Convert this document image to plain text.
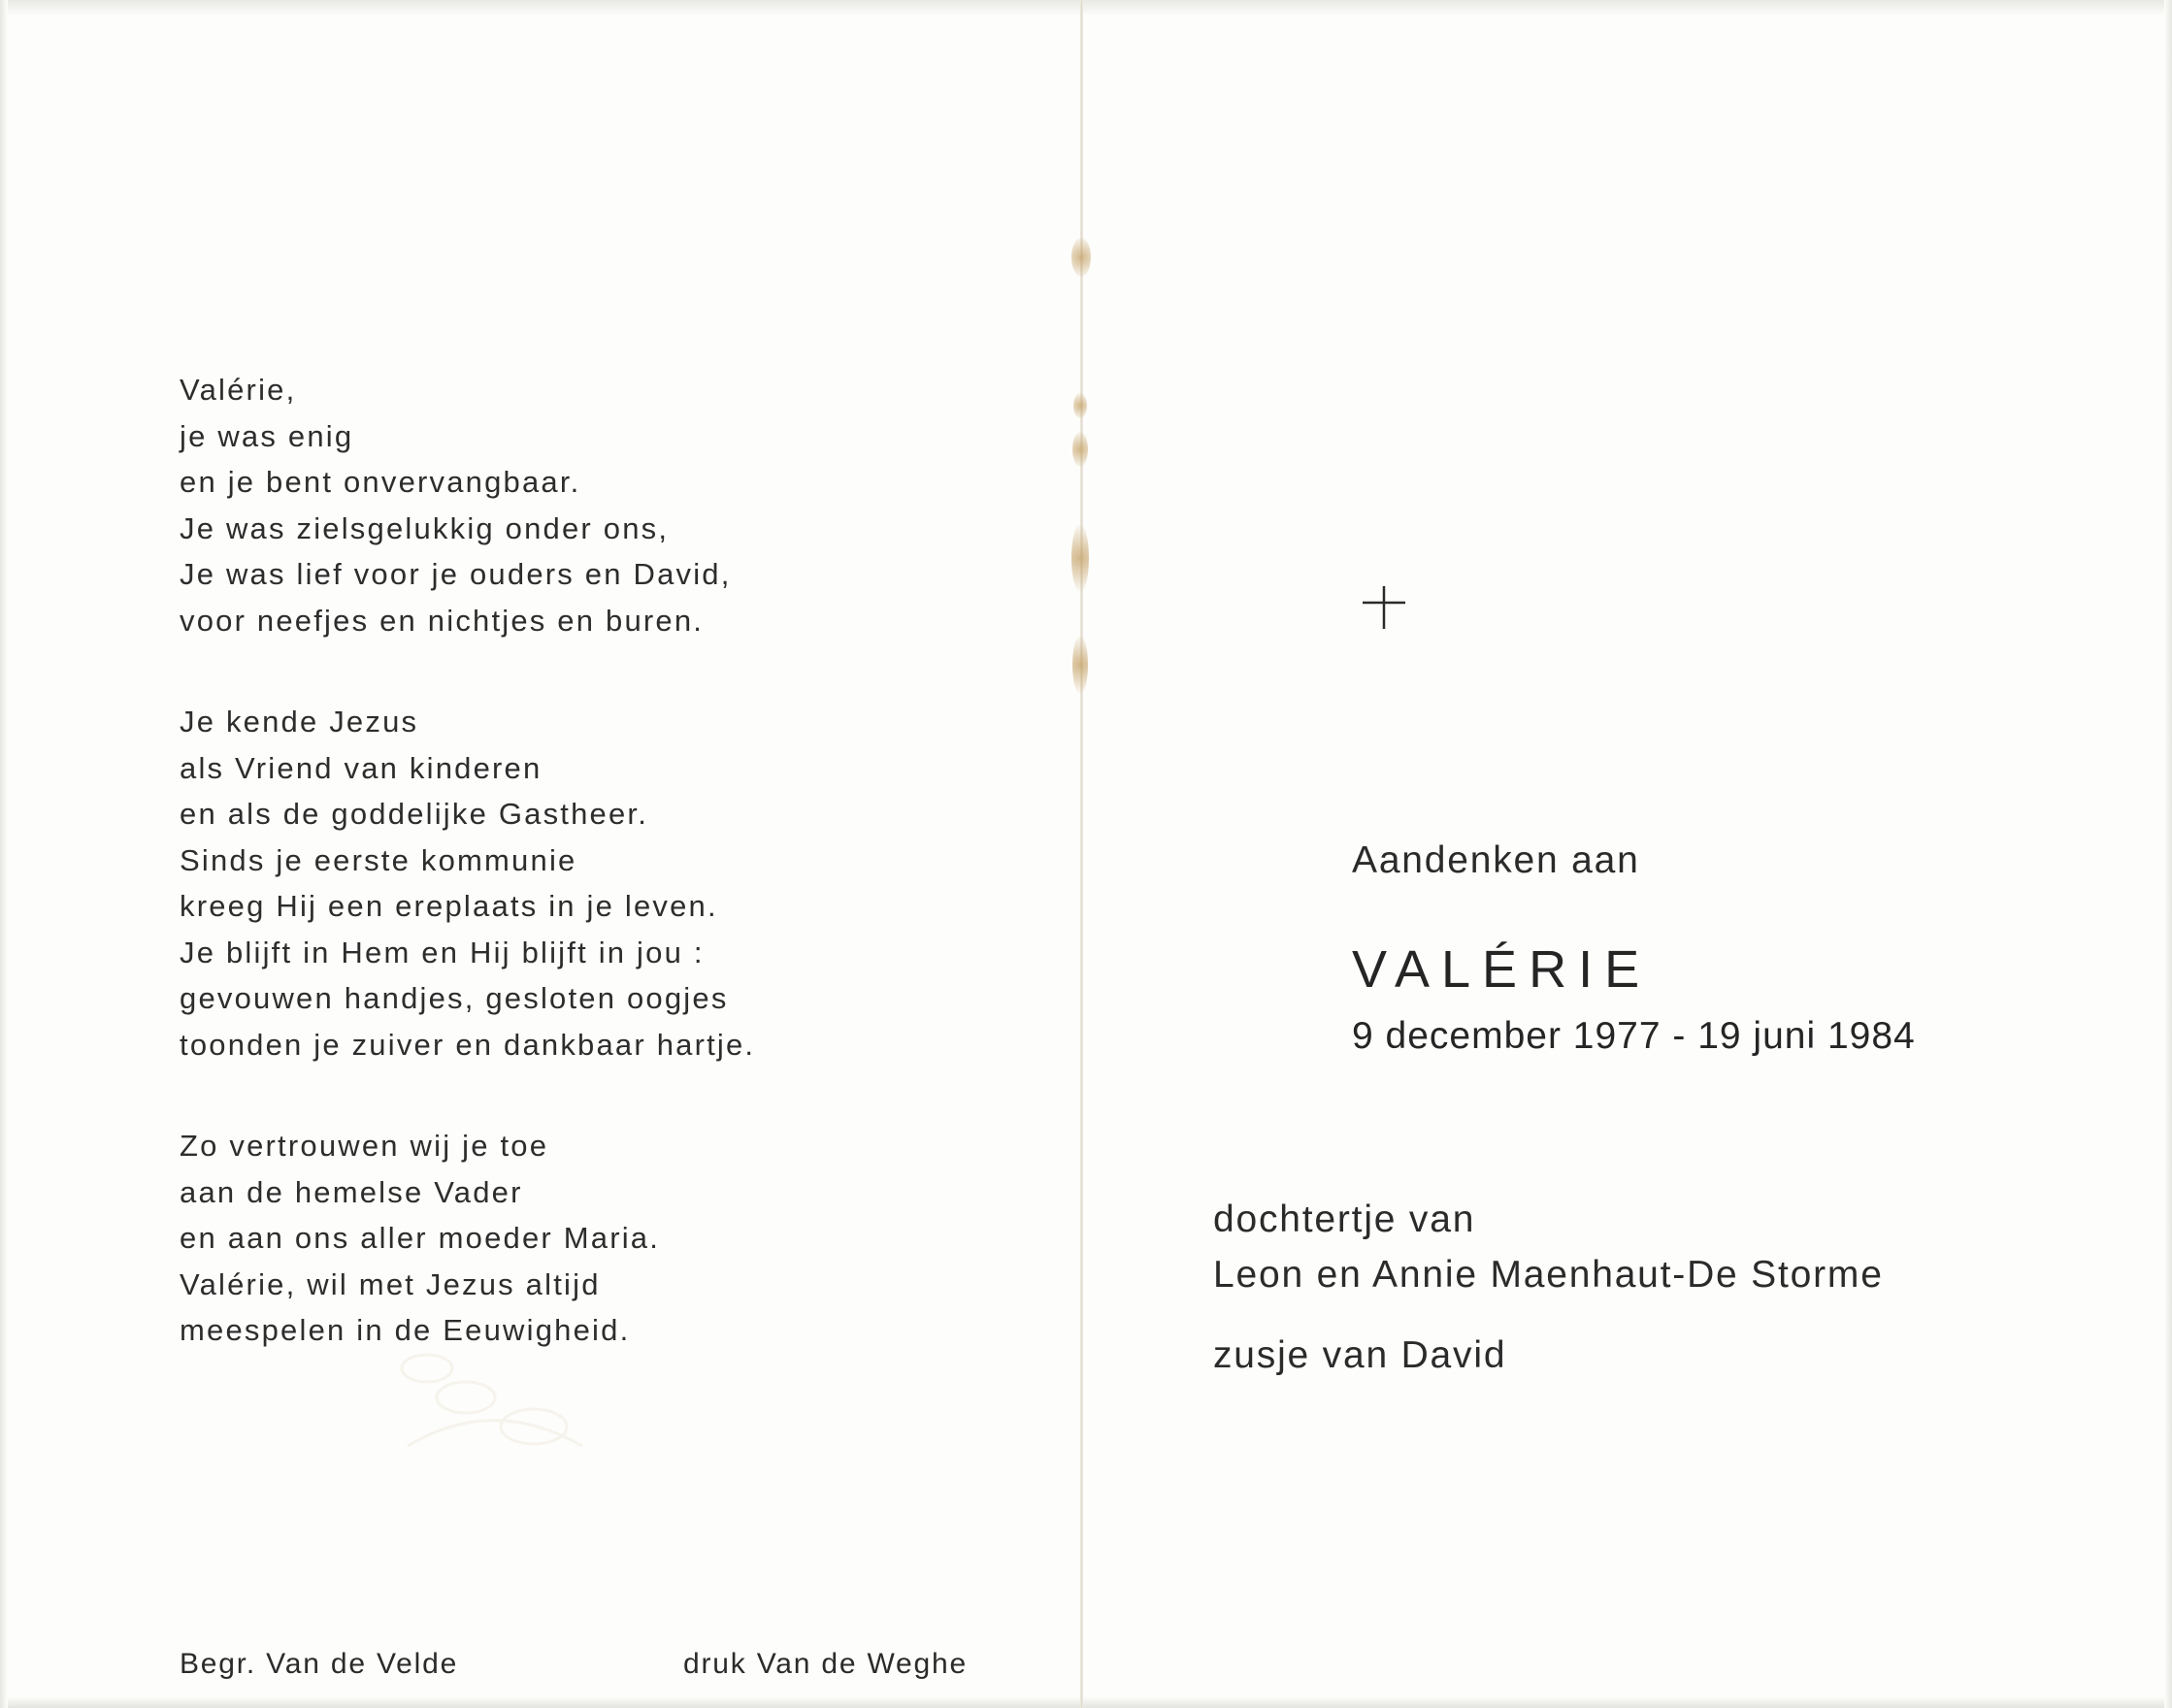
Valérie,
je was enig
en je bent onvervangbaar.
Je was zielsgelukkig onder ons,
Je was lief voor je ouders en David,
voor neefjes en nichtjes en buren.
Je kende Jezus
als Vriend van kinderen
en als de goddelijke Gastheer.
Sinds je eerste kommunie
kreeg Hij een ereplaats in je leven.
Je blijft in Hem en Hij blijft in jou :
gevouwen handjes, gesloten oogjes
toonden je zuiver en dankbaar hartje.
Zo vertrouwen wij je toe
aan de hemelse Vader
en aan ons aller moeder Maria.
Valérie, wil met Jezus altijd
meespelen in de Eeuwigheid.
Begr. Van de Velde	druk Van de Weghe
Aandenken aan
VALÉRIE
9 december 1977 - 19 juni 1984
dochtertje van
Leon en Annie Maenhaut-De Storme
zusje van David
